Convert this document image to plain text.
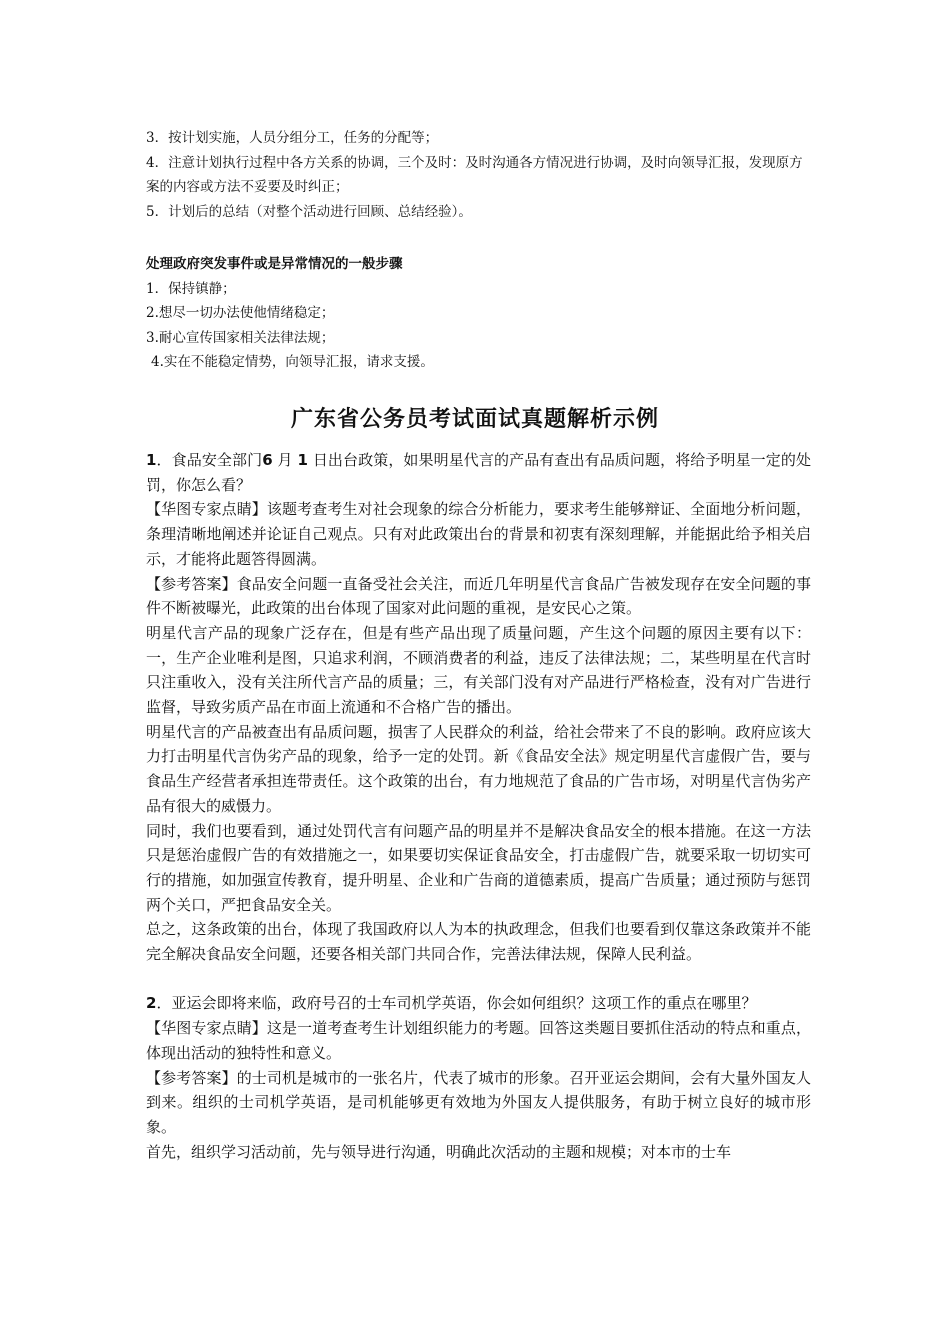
3．按计划实施，人员分组分工，任务的分配等；
4．注意计划执行过程中各方关系的协调，三个及时：及时沟通各方情况进行协调，及时向领导汇报，发现原方案的内容或方法不妥要及时纠正；
5．计划后的总结（对整个活动进行回顾、总结经验）。
处理政府突发事件或是异常情况的一般步骤
1．保持镇静；
2.想尽一切办法使他情绪稳定；
3.耐心宣传国家相关法律法规；
4.实在不能稳定情势，向领导汇报，请求支援。
广东省公务员考试面试真题解析示例

1．食品安全部门6 月 1 日出台政策，如果明星代言的产品有查出有品质问题，将给予明星一定的处罚，你怎么看？

【华图专家点睛】该题考查考生对社会现象的综合分析能力，要求考生能够辩证、全面地分析问题，条理清晰地阐述并论证自己观点。只有对此政策出台的背景和初衷有深刻理解，并能据此给予相关启示，才能将此题答得圆满。

【参考答案】食品安全问题一直备受社会关注，而近几年明星代言食品广告被发现存在安全问题的事件不断被曝光，此政策的出台体现了国家对此问题的重视，是安民心之策。

明星代言产品的现象广泛存在，但是有些产品出现了质量问题，产生这个问题的原因主要有以下：一，生产企业唯利是图，只追求利润，不顾消费者的利益，违反了法律法规；二，某些明星在代言时只注重收入，没有关注所代言产品的质量；三，有关部门没有对产品进行严格检查，没有对广告进行监督，导致劣质产品在市面上流通和不合格广告的播出。

明星代言的产品被查出有品质问题，损害了人民群众的利益，给社会带来了不良的影响。政府应该大力打击明星代言伪劣产品的现象，给予一定的处罚。新《食品安全法》规定明星代言虚假广告，要与食品生产经营者承担连带责任。这个政策的出台，有力地规范了食品的广告市场，对明星代言伪劣产品有很大的威慑力。

同时，我们也要看到，通过处罚代言有问题产品的明星并不是解决食品安全的根本措施。在这一方法只是惩治虚假广告的有效措施之一，如果要切实保证食品安全，打击虚假广告，就要采取一切切实可行的措施，如加强宣传教育，提升明星、企业和广告商的道德素质，提高广告质量；通过预防与惩罚两个关口，严把食品安全关。

总之，这条政策的出台，体现了我国政府以人为本的执政理念，但我们也要看到仅靠这条政策并不能完全解决食品安全问题，还要各相关部门共同合作，完善法律法规，保障人民利益。

2．亚运会即将来临，政府号召的士车司机学英语，你会如何组织？这项工作的重点在哪里？

【华图专家点睛】这是一道考查考生计划组织能力的考题。回答这类题目要抓住活动的特点和重点，体现出活动的独特性和意义。

【参考答案】的士司机是城市的一张名片，代表了城市的形象。召开亚运会期间，会有大量外国友人到来。组织的士司机学英语，是司机能够更有效地为外国友人提供服务，有助于树立良好的城市形象。

首先，组织学习活动前，先与领导进行沟通，明确此次活动的主题和规模；对本市的士车
